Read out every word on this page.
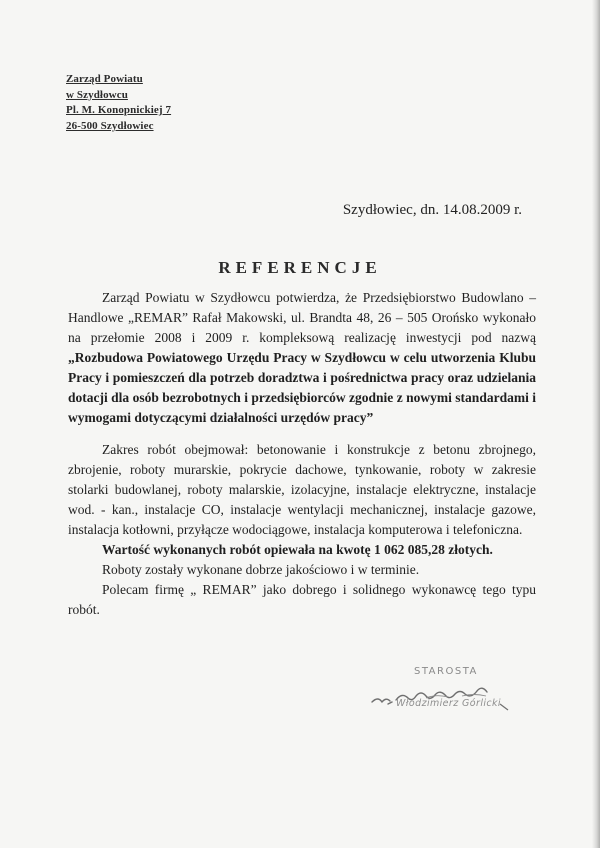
Zarząd Powiatu
w Szydłowcu
Pl. M. Konopnickiej 7
26-500 Szydłowiec
Szydłowiec, dn. 14.08.2009 r.
REFERENCJE

Zarząd Powiatu w Szydłowcu potwierdza, że Przedsiębiorstwo Budowlano – Handlowe „REMAR” Rafał Makowski, ul. Brandta 48, 26 – 505 Orońsko wykonało na przełomie 2008 i 2009 r. kompleksową realizację inwestycji pod nazwą „Rozbudowa Powiatowego Urzędu Pracy w Szydłowcu w celu utworzenia Klubu Pracy i pomieszczeń dla potrzeb doradztwa i pośrednictwa pracy oraz udzielania dotacji dla osób bezrobotnych i przedsiębiorców zgodnie z nowymi standardami i wymogami dotyczącymi działalności urzędów pracy”

Zakres robót obejmował: betonowanie i konstrukcje z betonu zbrojnego, zbrojenie, roboty murarskie, pokrycie dachowe, tynkowanie, roboty w zakresie stolarki budowlanej, roboty malarskie, izolacyjne, instalacje elektryczne, instalacje wod. - kan., instalacje CO, instalacje wentylacji mechanicznej, instalacje gazowe, instalacja kotłowni, przyłącze wodociągowe, instalacja komputerowa i telefoniczna.

Wartość wykonanych robót opiewała na kwotę 1 062 085,28 złotych.

Roboty zostały wykonane dobrze jakościowo i w terminie.

Polecam firmę „ REMAR” jako dobrego i solidnego wykonawcę tego typu robót.

STAROSTA
Włodzimierz Górlicki
